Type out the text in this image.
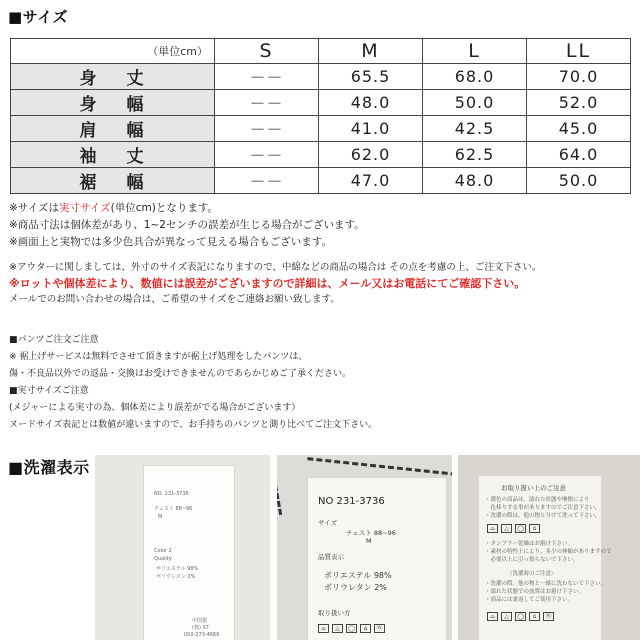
■サイズ
（単位cm）	S	M	L	LL
身丈	－－	65.5	68.0	70.0
身幅	－－	48.0	50.0	52.0
肩幅	－－	41.0	42.5	45.0
袖丈	－－	62.0	62.5	64.0
裾幅	－－	47.0	48.0	50.0
※サイズは実寸サイズ(単位cm)となります。
※商品寸法は個体差があり、1~2センチの誤差が生じる場合がございます。
※画面上と実物では多少色具合が異なって見える場合もございます。
※アウターに関しましては、外寸のサイズ表記になりますので、中綿などの商品の場合は その点を考慮の上、ご注文下さい。
※ロットや個体差により、数値には誤差がございますので詳細は、メール又はお電話にてご確認下さい。
メールでのお問い合わせの場合は、ご希望のサイズをご連絡お願い致します。
■パンツご注文ご注意
※ 裾上げサービスは無料でさせて頂きますが裾上げ処理をしたパンツは、
傷・不良品以外での返品・交換はお受けできませんのであらかじめご了承ください。
■実寸サイズご注意
(メジャーによる実寸の為、個体差により誤差がでる場合がございます）
ヌードサイズ表記とは数値が違いますので、お手持ちのパンツと測り比べてご注文下さい。
■洗濯表示
NO. 231-3736
チェスト 88~96
M
Color 2
Quality
ポリエステル 98%
ポリウレタン 2%
中国製
(株) ST
050-273-4666
NO 231-3736
サイズ
チェスト 88~96
M
品質表示
ポリエステル 98%
ポリウレタン 2%
取り扱い方
⌓	△	◯	⌂	Ⓦ
お取り扱い上のご注意
・濃色の商品は、濡れた状態や摩擦により
　色移りする事がありますのでご注意下さい。
・洗濯の際は、他の物と分けて洗って下さい。
⌓	△	◯	⌂
・タンブラー乾燥はお避け下さい。
・素材の特性上により、多少の伸縮がありますので
　必要以上に引っ張らないで下さい。
〈洗濯時のご注意〉
・洗濯の際、他の物と一緒に洗わないで下さい。
・濡れた状態での放置はお避け下さい。
・商品には裏返してご使用下さい。
⌓	△	◯	⌂	Ⓦ
